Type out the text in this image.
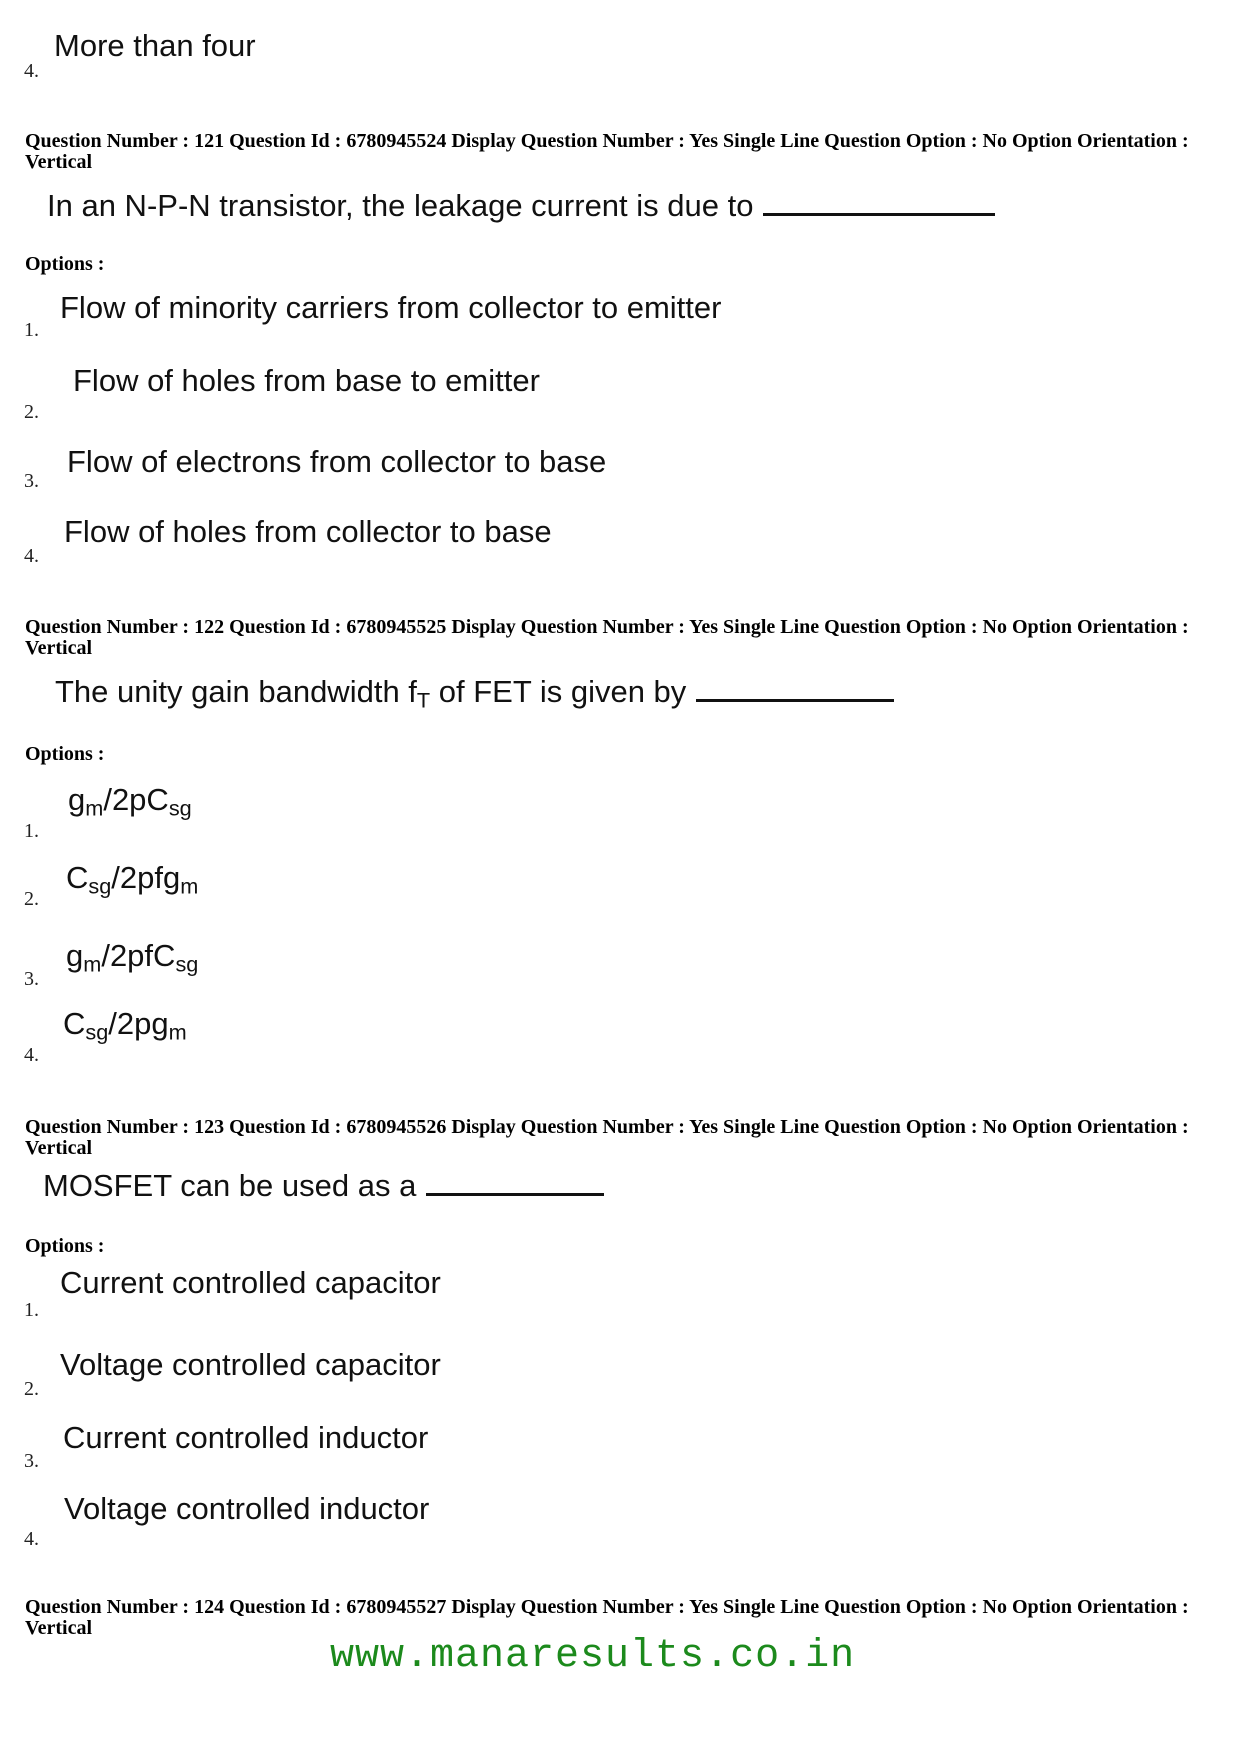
More than four
4.
Question Number : 121 Question Id : 6780945524 Display Question Number : Yes Single Line Question Option : No Option Orientation : Vertical
In an N-P-N transistor, the leakage current is due to
Options :
Flow of minority carriers from collector to emitter
1.
Flow of holes from base to emitter
2.
Flow of electrons from collector to base
3.
Flow of holes from collector to base
4.
Question Number : 122 Question Id : 6780945525 Display Question Number : Yes Single Line Question Option : No Option Orientation : Vertical
The unity gain bandwidth $f_T$ of FET is given by
Options :
$g_m/2pC_{sg}$
1.
$C_{sg}/2pfg_m$
2.
$g_m/2pfC_{sg}$
3.
$C_{sg}/2pg_m$
4.
Question Number : 123 Question Id : 6780945526 Display Question Number : Yes Single Line Question Option : No Option Orientation : Vertical
MOSFET can be used as a
Options :
Current controlled capacitor
1.
Voltage controlled capacitor
2.
Current controlled inductor
3.
Voltage controlled inductor
4.
Question Number : 124 Question Id : 6780945527 Display Question Number : Yes Single Line Question Option : No Option Orientation : Vertical
www.manaresults.co.in
